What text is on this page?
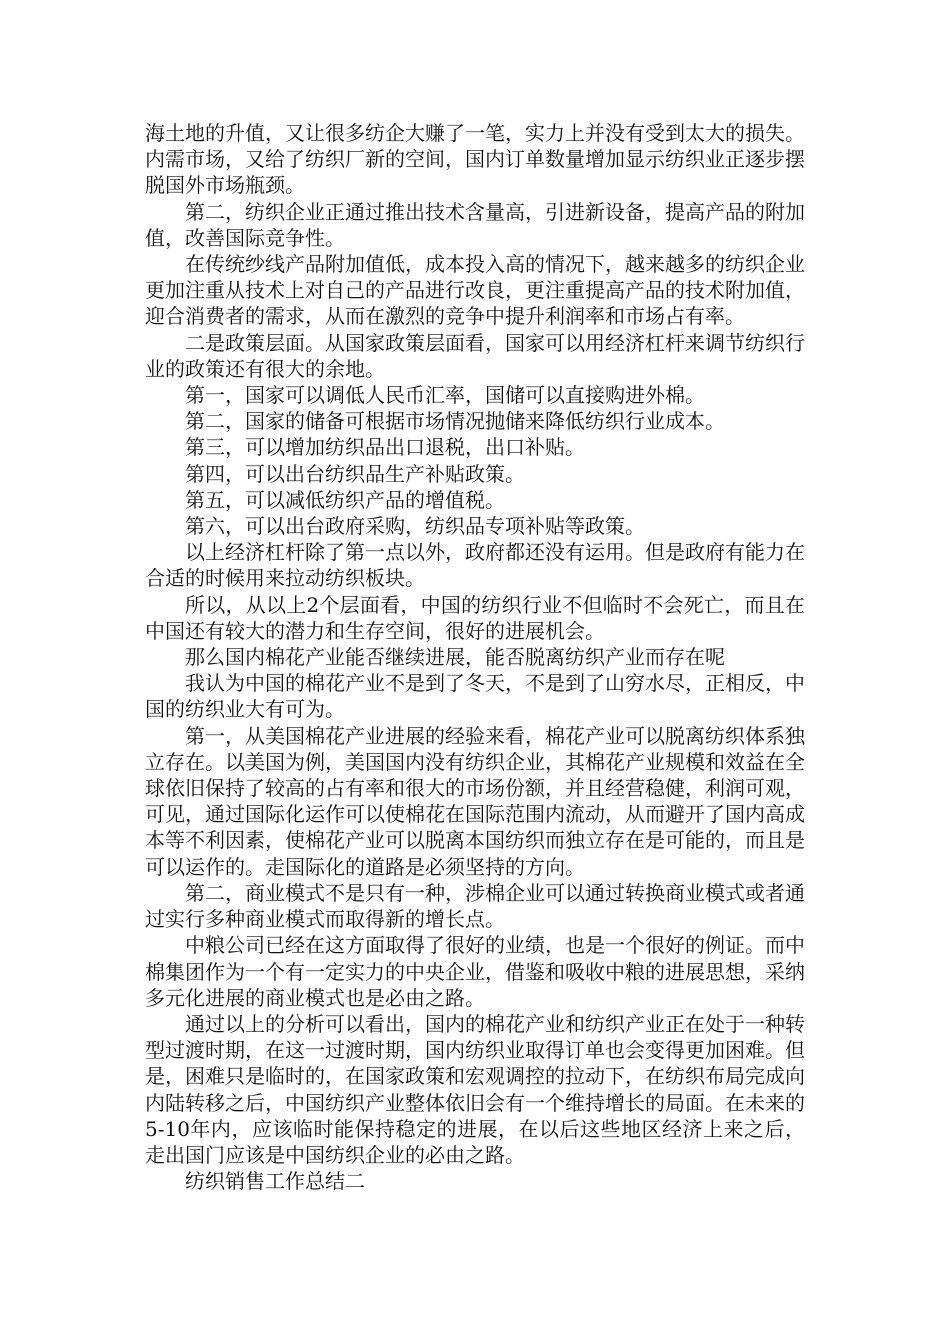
海土地的升值，又让很多纺企大赚了一笔，实力上并没有受到太大的损失。内需市场，又给了纺织厂新的空间，国内订单数量增加显示纺织业正逐步摆脱国外市场瓶颈。

第二，纺织企业正通过推出技术含量高，引进新设备，提高产品的附加值，改善国际竞争性。

在传统纱线产品附加值低，成本投入高的情况下，越来越多的纺织企业更加注重从技术上对自己的产品进行改良，更注重提高产品的技术附加值，迎合消费者的需求，从而在激烈的竞争中提升利润率和市场占有率。

二是政策层面。从国家政策层面看，国家可以用经济杠杆来调节纺织行业的政策还有很大的余地。

第一，国家可以调低人民币汇率，国储可以直接购进外棉。

第二，国家的储备可根据市场情况抛储来降低纺织行业成本。

第三，可以增加纺织品出口退税，出口补贴。

第四，可以出台纺织品生产补贴政策。

第五，可以减低纺织产品的增值税。

第六，可以出台政府采购，纺织品专项补贴等政策。

以上经济杠杆除了第一点以外，政府都还没有运用。但是政府有能力在合适的时候用来拉动纺织板块。

所以，从以上2个层面看，中国的纺织行业不但临时不会死亡，而且在中国还有较大的潜力和生存空间，很好的进展机会。

那么国内棉花产业能否继续进展，能否脱离纺织产业而存在呢

我认为中国的棉花产业不是到了冬天，不是到了山穷水尽，正相反，中国的纺织业大有可为。

第一，从美国棉花产业进展的经验来看，棉花产业可以脱离纺织体系独立存在。以美国为例，美国国内没有纺织企业，其棉花产业规模和效益在全球依旧保持了较高的占有率和很大的市场份额，并且经营稳健，利润可观，可见，通过国际化运作可以使棉花在国际范围内流动，从而避开了国内高成本等不利因素，使棉花产业可以脱离本国纺织而独立存在是可能的，而且是可以运作的。走国际化的道路是必须坚持的方向。

第二，商业模式不是只有一种，涉棉企业可以通过转换商业模式或者通过实行多种商业模式而取得新的增长点。

中粮公司已经在这方面取得了很好的业绩，也是一个很好的例证。而中棉集团作为一个有一定实力的中央企业，借鉴和吸收中粮的进展思想，采纳多元化进展的商业模式也是必由之路。

通过以上的分析可以看出，国内的棉花产业和纺织产业正在处于一种转型过渡时期，在这一过渡时期，国内纺织业取得订单也会变得更加困难。但是，困难只是临时的，在国家政策和宏观调控的拉动下，在纺织布局完成向内陆转移之后，中国纺织产业整体依旧会有一个维持增长的局面。在未来的5-10年内，应该临时能保持稳定的进展，在以后这些地区经济上来之后，走出国门应该是中国纺织企业的必由之路。

纺织销售工作总结二
